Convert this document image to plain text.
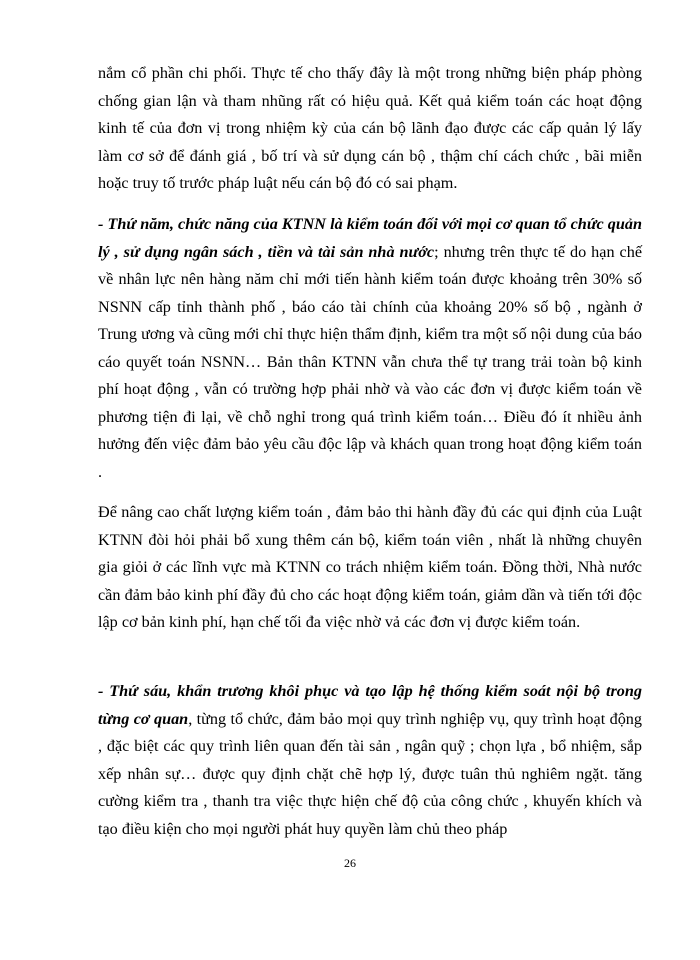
nắm cổ phần chi phối. Thực tế cho thấy đây là một trong những biện pháp phòng chống gian lận và tham nhũng rất có hiệu quả. Kết quả kiểm toán các hoạt động kinh tế của đơn vị trong nhiệm kỳ của cán bộ lãnh đạo được các cấp quản lý lấy làm cơ sở để đánh giá , bố trí và sử dụng cán bộ , thậm chí cách chức , bãi miễn hoặc truy tố trước pháp luật nếu cán bộ đó có sai phạm.

- Thứ năm, chức năng của KTNN là kiểm toán đối với mọi cơ quan tổ chức quản lý , sử dụng ngân sách , tiền và tài sản nhà nước; nhưng trên thực tế do hạn chế về nhân lực nên hàng năm chỉ mới tiến hành kiểm toán được khoảng trên 30% số NSNN cấp tỉnh thành phố , báo cáo tài chính của khoảng 20% số bộ , ngành ở Trung ương và cũng mới chỉ thực hiện thẩm định, kiểm tra một số nội dung của báo cáo quyết toán NSNN… Bản thân KTNN vẫn chưa thể tự trang trải toàn bộ kinh phí hoạt động , vẫn có trường hợp phải nhờ và vào các đơn vị được kiểm toán về phương tiện đi lại, về chỗ nghỉ trong quá trình kiểm toán… Điều đó ít nhiều ảnh hưởng đến việc đảm bảo yêu cầu độc lập và khách quan trong hoạt động kiểm toán .

Để nâng cao chất lượng kiểm toán , đảm bảo thi hành đầy đủ các qui định của Luật KTNN đòi hỏi phải bổ xung thêm cán bộ, kiểm toán viên , nhất là những chuyên gia giỏi ở các lĩnh vực mà KTNN co trách nhiệm kiểm toán. Đồng thời, Nhà nước cần đảm bảo kinh phí đầy đủ cho các hoạt động kiểm toán, giảm dần và tiến tới độc lập cơ bản kinh phí, hạn chế tối đa việc nhờ vả các đơn vị được kiểm toán.

- Thứ sáu, khẩn trương khôi phục và tạo lập hệ thống kiểm soát nội bộ trong từng cơ quan, từng tổ chức, đảm bảo mọi quy trình nghiệp vụ, quy trình hoạt động , đặc biệt các quy trình liên quan đến tài sản , ngân quỹ ; chọn lựa , bổ nhiệm, sắp xếp nhân sự… được quy định chặt chẽ hợp lý, được tuân thủ nghiêm ngặt. tăng cường kiểm tra , thanh tra việc thực hiện chế độ của công chức , khuyến khích và tạo điều kiện cho mọi người phát huy quyền làm chủ theo pháp

26
